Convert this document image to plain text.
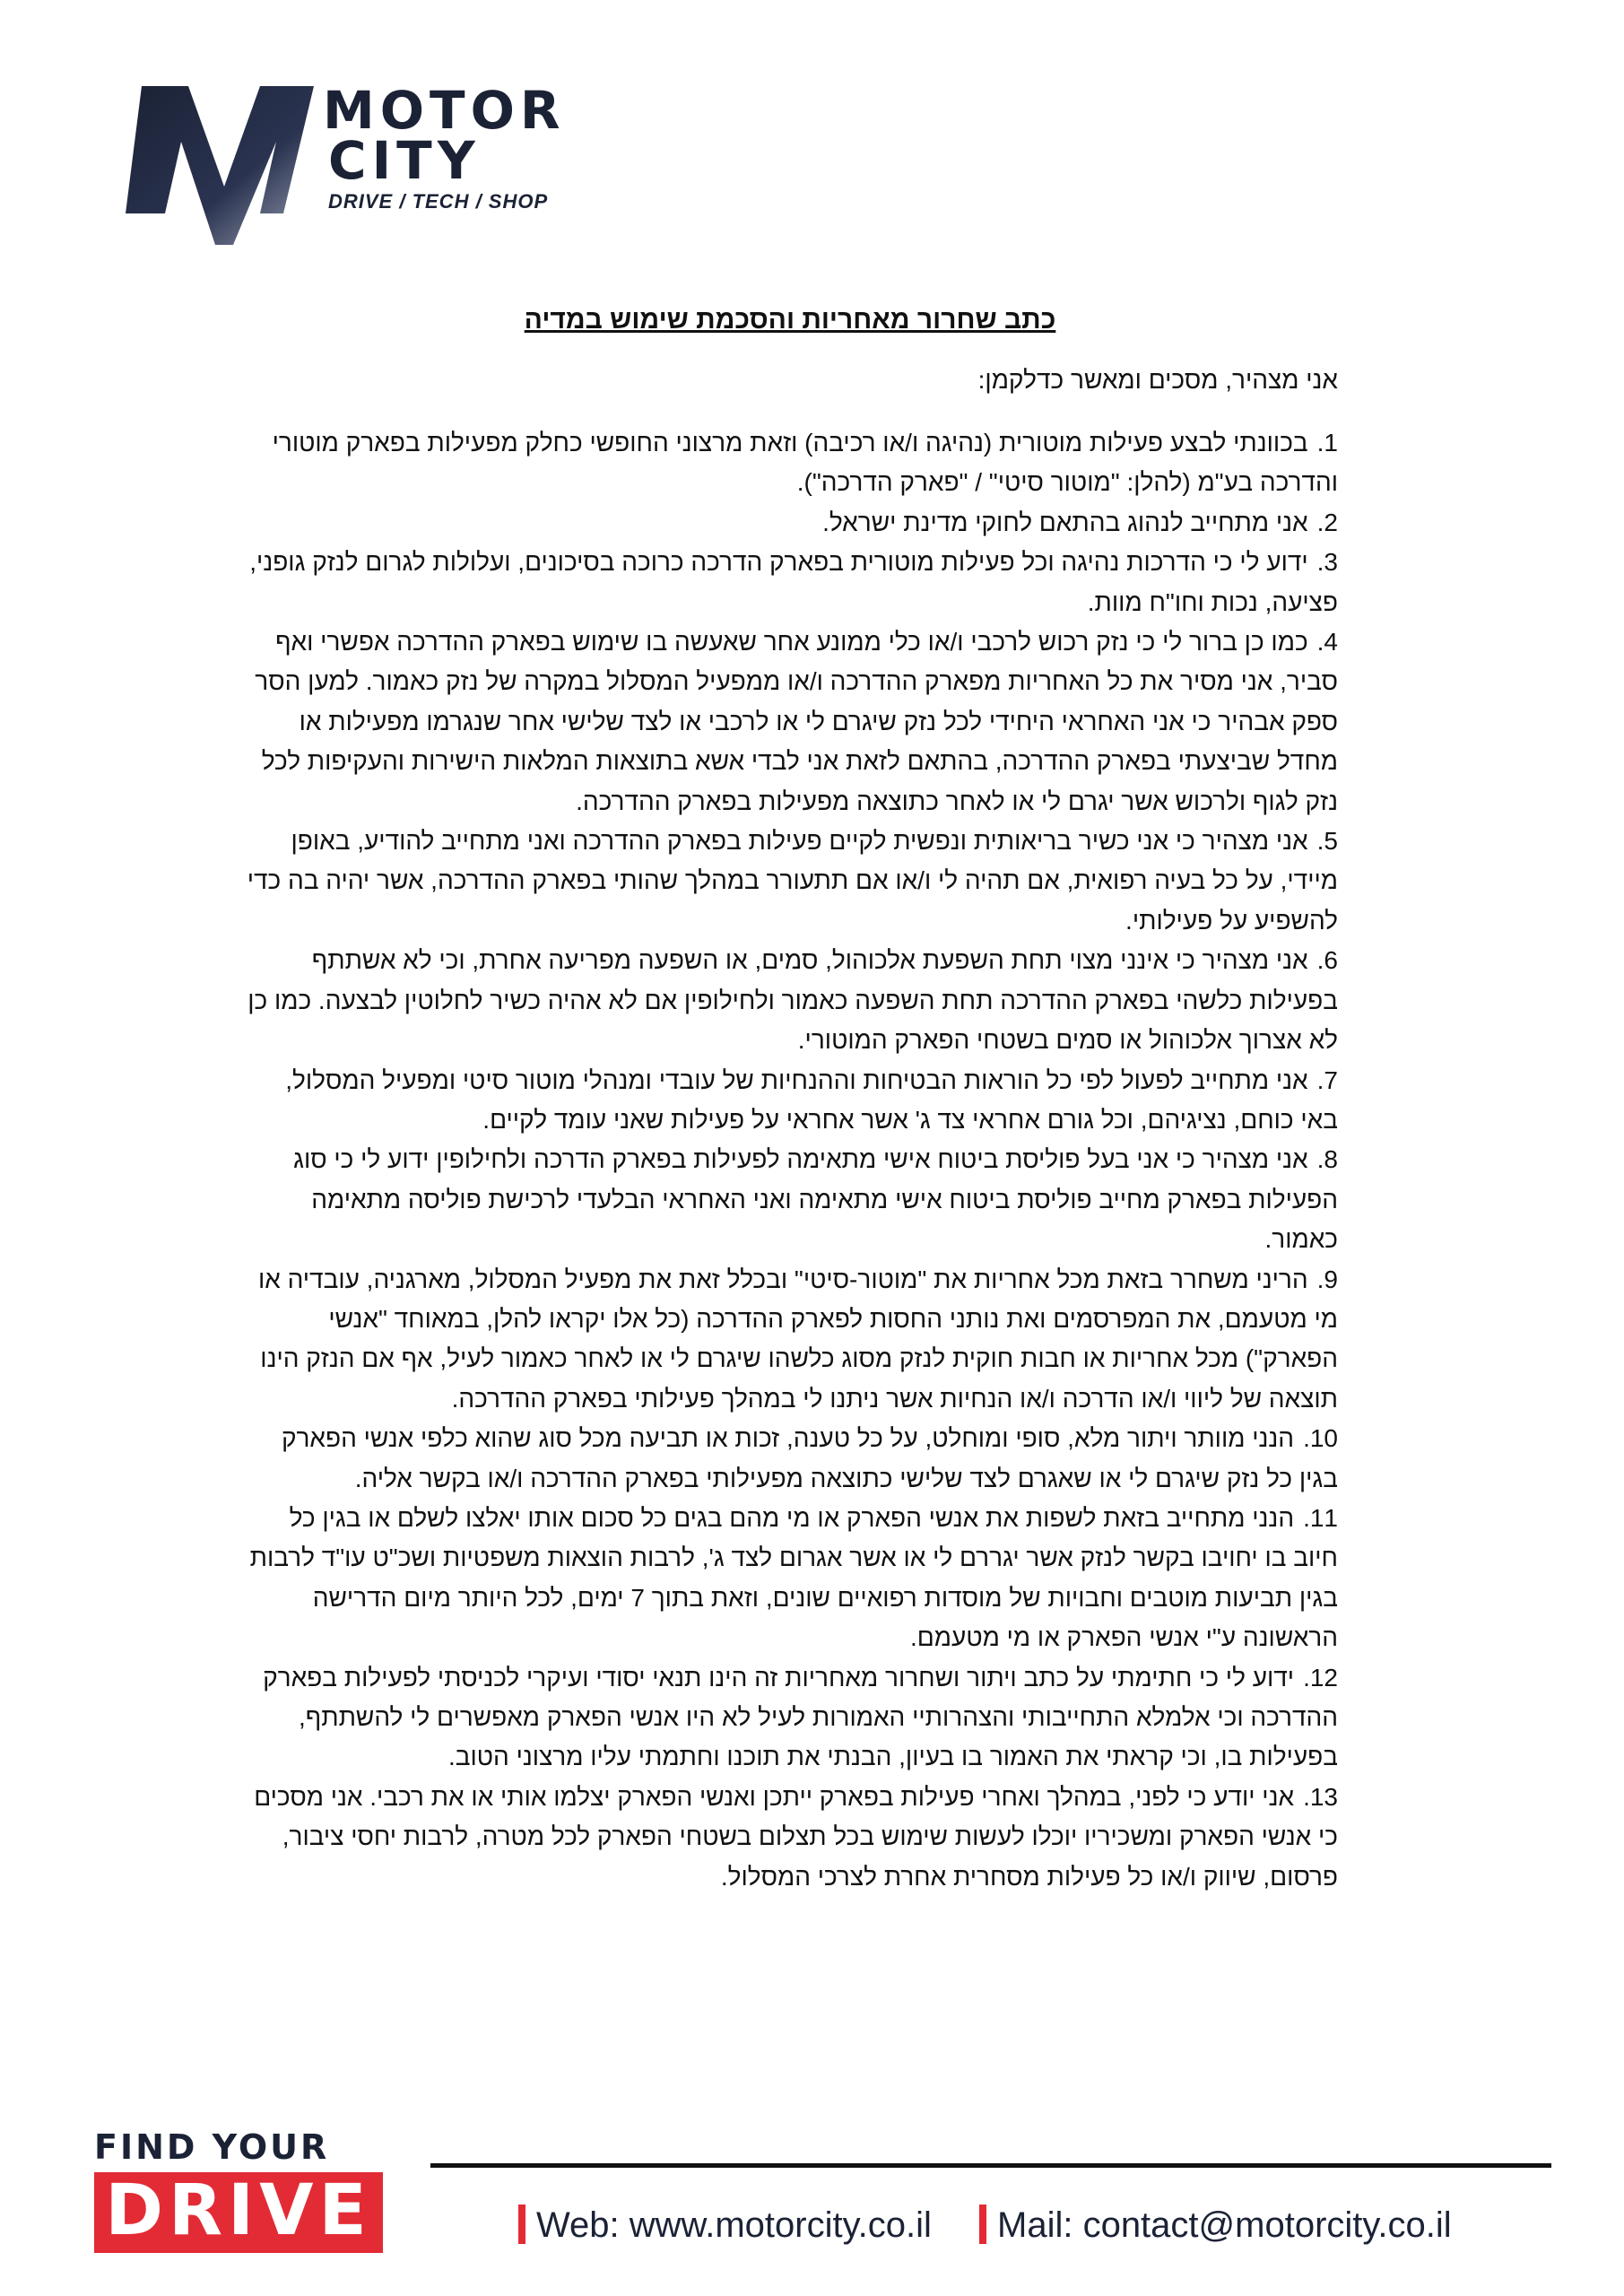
MOTOR
CITY
DRIVE / TECH / SHOP
כתב שחרור מאחריות והסכמת שימוש במדיה
אני מצהיר, מסכים ומאשר כדלקמן:
1.בכוונתי לבצע פעילות מוטורית (נהיגה ו/או רכיבה) וזאת מרצוני החופשי כחלק מפעילות בפארק מוטורי והדרכה בע"מ (להלן: "מוטור סיטי" / "פארק הדרכה").
2.אני מתחייב לנהוג בהתאם לחוקי מדינת ישראל.
3.ידוע לי כי הדרכות נהיגה וכל פעילות מוטורית בפארק הדרכה כרוכה בסיכונים, ועלולות לגרום לנזק גופני, פציעה, נכות וחו"ח מוות.
4.כמו כן ברור לי כי נזק רכוש לרכבי ו/או כלי ממונע אחר שאעשה בו שימוש בפארק ההדרכה אפשרי ואף סביר, אני מסיר את כל האחריות מפארק ההדרכה ו/או ממפעיל המסלול במקרה של נזק כאמור. למען הסר ספק אבהיר כי אני האחראי היחידי לכל נזק שיגרם לי או לרכבי או לצד שלישי אחר שנגרמו מפעילות או מחדל שביצעתי בפארק ההדרכה, בהתאם לזאת אני לבדי אשא בתוצאות המלאות הישירות והעקיפות לכל נזק לגוף ולרכוש אשר יגרם לי או לאחר כתוצאה מפעילות בפארק ההדרכה.
5.אני מצהיר כי אני כשיר בריאותית ונפשית לקיים פעילות בפארק ההדרכה ואני מתחייב להודיע, באופן מיידי, על כל בעיה רפואית, אם תהיה לי ו/או אם תתעורר במהלך שהותי בפארק ההדרכה, אשר יהיה בה כדי להשפיע על פעילותי.
6.אני מצהיר כי אינני מצוי תחת השפעת אלכוהול, סמים, או השפעה מפריעה אחרת, וכי לא אשתתף בפעילות כלשהי בפארק ההדרכה תחת השפעה כאמור ולחילופין אם לא אהיה כשיר לחלוטין לבצעה. כמו כן לא אצרוך אלכוהול או סמים בשטחי הפארק המוטורי.
7.אני מתחייב לפעול לפי כל הוראות הבטיחות וההנחיות של עובדי ומנהלי מוטור סיטי ומפעיל המסלול, באי כוחם, נציגיהם, וכל גורם אחראי צד ג' אשר אחראי על פעילות שאני עומד לקיים.
8.אני מצהיר כי אני בעל פוליסת ביטוח אישי מתאימה לפעילות בפארק הדרכה ולחילופין ידוע לי כי סוג הפעילות בפארק מחייב פוליסת ביטוח אישי מתאימה ואני האחראי הבלעדי לרכישת פוליסה מתאימה כאמור.
9.הריני משחרר בזאת מכל אחריות את "מוטור-סיטי" ובכלל זאת את מפעיל המסלול, מארגניה, עובדיה או מי מטעמם, את המפרסמים ואת נותני החסות לפארק ההדרכה (כל אלו יקראו להלן, במאוחד "אנשי הפארק") מכל אחריות או חבות חוקית לנזק מסוג כלשהו שיגרם לי או לאחר כאמור לעיל, אף אם הנזק הינו תוצאה של ליווי ו/או הדרכה ו/או הנחיות אשר ניתנו לי במהלך פעילותי בפארק ההדרכה.
10.הנני מוותר ויתור מלא, סופי ומוחלט, על כל טענה, זכות או תביעה מכל סוג שהוא כלפי אנשי הפארק בגין כל נזק שיגרם לי או שאגרם לצד שלישי כתוצאה מפעילותי בפארק ההדרכה ו/או בקשר אליה.
11.הנני מתחייב בזאת לשפות את אנשי הפארק או מי מהם בגים כל סכום אותו יאלצו לשלם או בגין כל חיוב בו יחויבו בקשר לנזק אשר יגררם לי או אשר אגרום לצד ג', לרבות הוצאות משפטיות ושכ"ט עו"ד לרבות בגין תביעות מוטבים וחבויות של מוסדות רפואיים שונים, וזאת בתוך 7 ימים, לכל היותר מיום הדרישה הראשונה ע"י אנשי הפארק או מי מטעמם.
12.ידוע לי כי חתימתי על כתב ויתור ושחרור מאחריות זה הינו תנאי יסודי ועיקרי לכניסתי לפעילות בפארק ההדרכה וכי אלמלא התחייבותי והצהרותיי האמורות לעיל לא היו אנשי הפארק מאפשרים לי להשתתף, בפעילות בו, וכי קראתי את האמור בו בעיון, הבנתי את תוכנו וחתמתי עליו מרצוני הטוב.
13.אני יודע כי לפני, במהלך ואחרי פעילות בפארק ייתכן ואנשי הפארק יצלמו אותי או את רכבי. אני מסכים כי אנשי הפארק ומשכיריו יוכלו לעשות שימוש בכל תצלום בשטחי הפארק לכל מטרה, לרבות יחסי ציבור, פרסום, שיווק ו/או כל פעילות מסחרית אחרת לצרכי המסלול.
FIND YOUR
DRIVE	Web: www.motorcity.co.il	Mail: contact@motorcity.co.il
